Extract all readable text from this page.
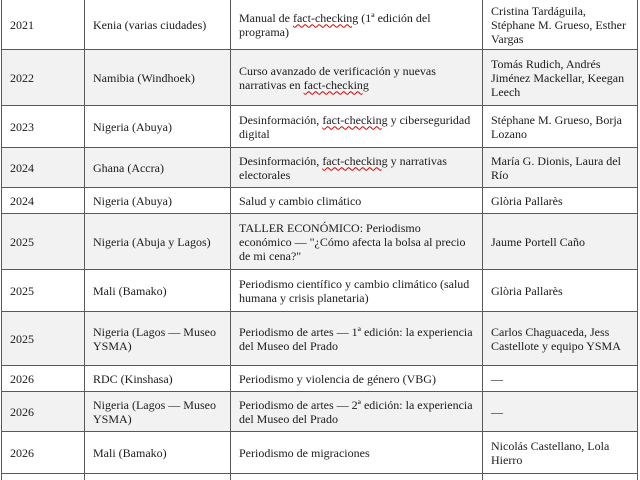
2021	Kenia (varias ciudades)	Manual de fact-checking (1ª edición del programa)	Cristina Tardáguila, Stéphane M. Grueso, Esther Vargas
2022	Namibia (Windhoek)	Curso avanzado de verificación y nuevas narrativas en fact-checking	Tomás Rudich, Andrés Jiménez Mackellar, Keegan Leech
2023	Nigeria (Abuya)	Desinformación, fact-checking y ciberseguridad digital	Stéphane M. Grueso, Borja Lozano
2024	Ghana (Accra)	Desinformación, fact-checking y narrativas electorales	María G. Dionis, Laura del Río
2024	Nigeria (Abuya)	Salud y cambio climático	Glòria Pallarès
2025	Nigeria (Abuja y Lagos)	TALLER ECONÓMICO: Periodismo económico — "¿Cómo afecta la bolsa al precio de mi cena?"	Jaume Portell Caño
2025	Mali (Bamako)	Periodismo científico y cambio climático (salud humana y crisis planetaria)	Glòria Pallarès
2025	Nigeria (Lagos — Museo YSMA)	Periodismo de artes — 1ª edición: la experiencia del Museo del Prado	Carlos Chaguaceda, Jess Castellote y equipo YSMA
2026	RDC (Kinshasa)	Periodismo y violencia de género (VBG)	—
2026	Nigeria (Lagos — Museo YSMA)	Periodismo de artes — 2ª edición: la experiencia del Museo del Prado	—
2026	Mali (Bamako)	Periodismo de migraciones	Nicolás Castellano, Lola Hierro
